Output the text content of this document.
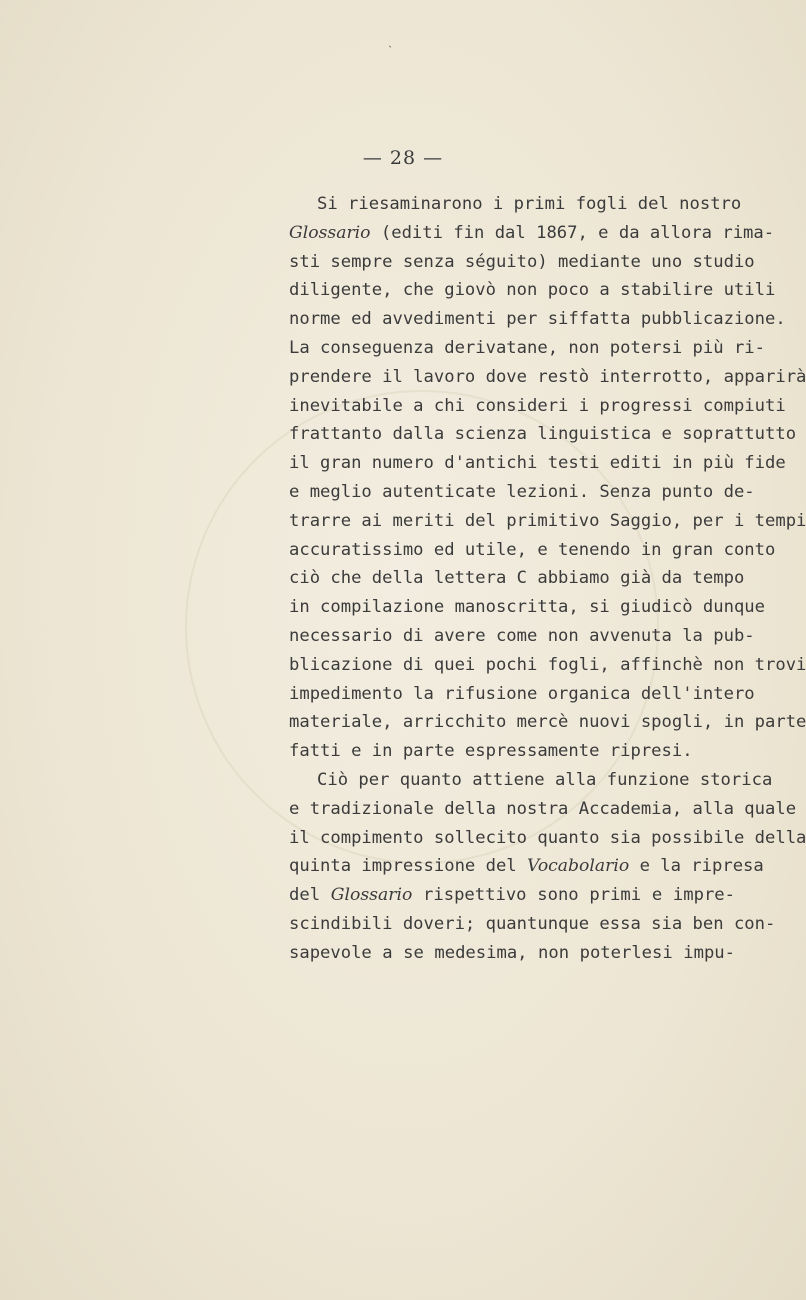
˴
— 28 —
Si riesaminarono i primi fogli del nostro
Glossario (editi fin dal 1867, e da allora rima-
sti sempre senza séguito) mediante uno studio
diligente, che giovò non poco a stabilire utili
norme ed avvedimenti per siffatta pubblicazione.
La conseguenza derivatane, non potersi più ri-
prendere il lavoro dove restò interrotto, apparirà
inevitabile a chi consideri i progressi compiuti
frattanto dalla scienza linguistica e soprattutto
il gran numero d'antichi testi editi in più fide
e meglio autenticate lezioni. Senza punto de-
trarre ai meriti del primitivo Saggio, per i tempi
accuratissimo ed utile, e tenendo in gran conto
ciò che della lettera C abbiamo già da tempo
in compilazione manoscritta, si giudicò dunque
necessario di avere come non avvenuta la pub-
blicazione di quei pochi fogli, affinchè non trovi
impedimento la rifusione organica dell'intero
materiale, arricchito mercè nuovi spogli, in parte
fatti e in parte espressamente ripresi.
Ciò per quanto attiene alla funzione storica
e tradizionale della nostra Accademia, alla quale
il compimento sollecito quanto sia possibile della
quinta impressione del Vocabolario e la ripresa
del Glossario rispettivo sono primi e impre-
scindibili doveri; quantunque essa sia ben con-
sapevole a se medesima, non poterlesi impu-
